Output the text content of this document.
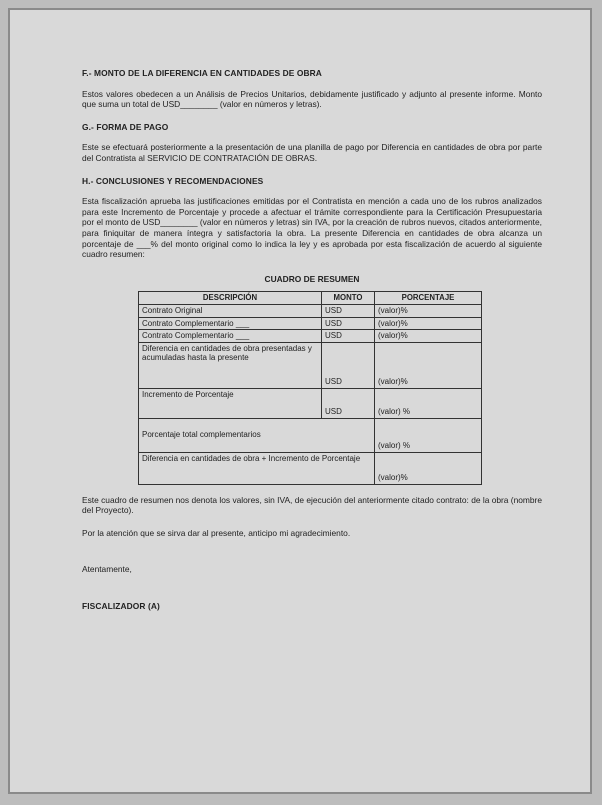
F.- MONTO DE LA DIFERENCIA EN CANTIDADES DE OBRA

Estos valores obedecen a un Análisis de Precios Unitarios, debidamente justificado y adjunto al presente informe. Monto que suma un total de USD________ (valor en números y letras).

G.- FORMA DE PAGO

Este se efectuará posteriormente a la presentación de una planilla de pago por Diferencia en cantidades de obra por parte del Contratista al SERVICIO DE CONTRATACIÓN DE OBRAS.

H.- CONCLUSIONES Y RECOMENDACIONES

Esta fiscalización aprueba las justificaciones emitidas por el Contratista en mención a cada uno de los rubros analizados para este Incremento de Porcentaje y procede a afectuar el trámite correspondiente para la Certificación Presupuestaria por el monto de USD________ (valor en números y letras) sin IVA, por la creación de rubros nuevos, citados anteriormente, para finiquitar de manera íntegra y satisfactoria la obra. La presente Diferencia en cantidades de obra alcanza un porcentaje de ___% del monto original como lo indica la ley y es aprobada por esta fiscalización de acuerdo al siguiente cuadro resumen:

CUADRO DE RESUMEN

DESCRIPCIÓN	MONTO	PORCENTAJE
Contrato Original	USD	(valor)%
Contrato Complementario ___	USD	(valor)%
Contrato Complementario ___	USD	(valor)%
Diferencia en cantidades de obra presentadas y acumuladas hasta la presente	USD	(valor)%
Incremento de Porcentaje	USD	(valor) %
Porcentaje total complementarios		(valor) %
Diferencia en cantidades de obra + Incremento de Porcentaje		(valor)%

Este cuadro de resumen nos denota los valores, sin IVA, de ejecución del anteriormente citado contrato: de la obra (nombre del Proyecto).

Por la atención que se sirva dar al presente, anticipo mi agradecimiento.

Atentamente,

FISCALIZADOR (A)
